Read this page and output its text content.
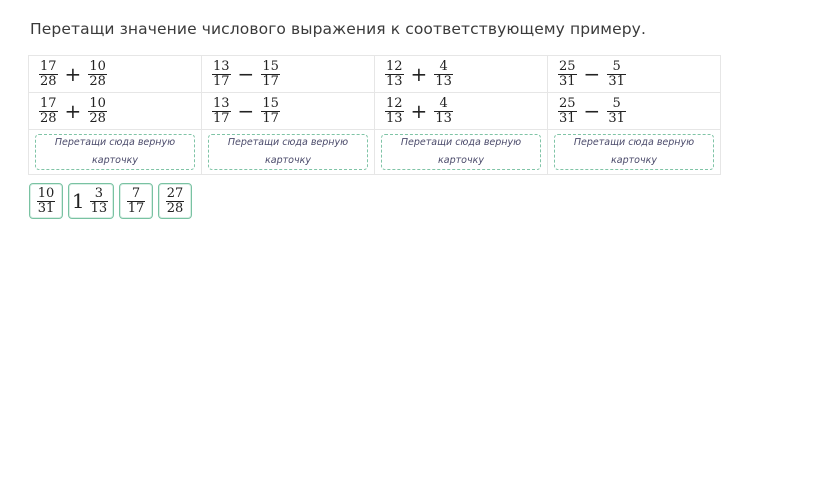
Перетащи значение числового выражения к соответствующему примеру.
$\frac{17}{28} + \frac{10}{28}$	$\frac{13}{17} - \frac{15}{17}$	$\frac{12}{13} + \frac{4}{13}$	$\frac{25}{31} - \frac{5}{31}$

$\frac{17}{28} + \frac{10}{28}$	$\frac{13}{17} - \frac{15}{17}$	$\frac{12}{13} + \frac{4}{13}$	$\frac{25}{31} - \frac{5}{31}$

Перетащи сюда верную
карточку	Перетащи сюда верную
карточку	Перетащи сюда верную
карточку	Перетащи сюда верную
карточку
$\frac{10}{31} 1 \frac{3}{13} \frac{7}{17} \frac{27}{28}$
